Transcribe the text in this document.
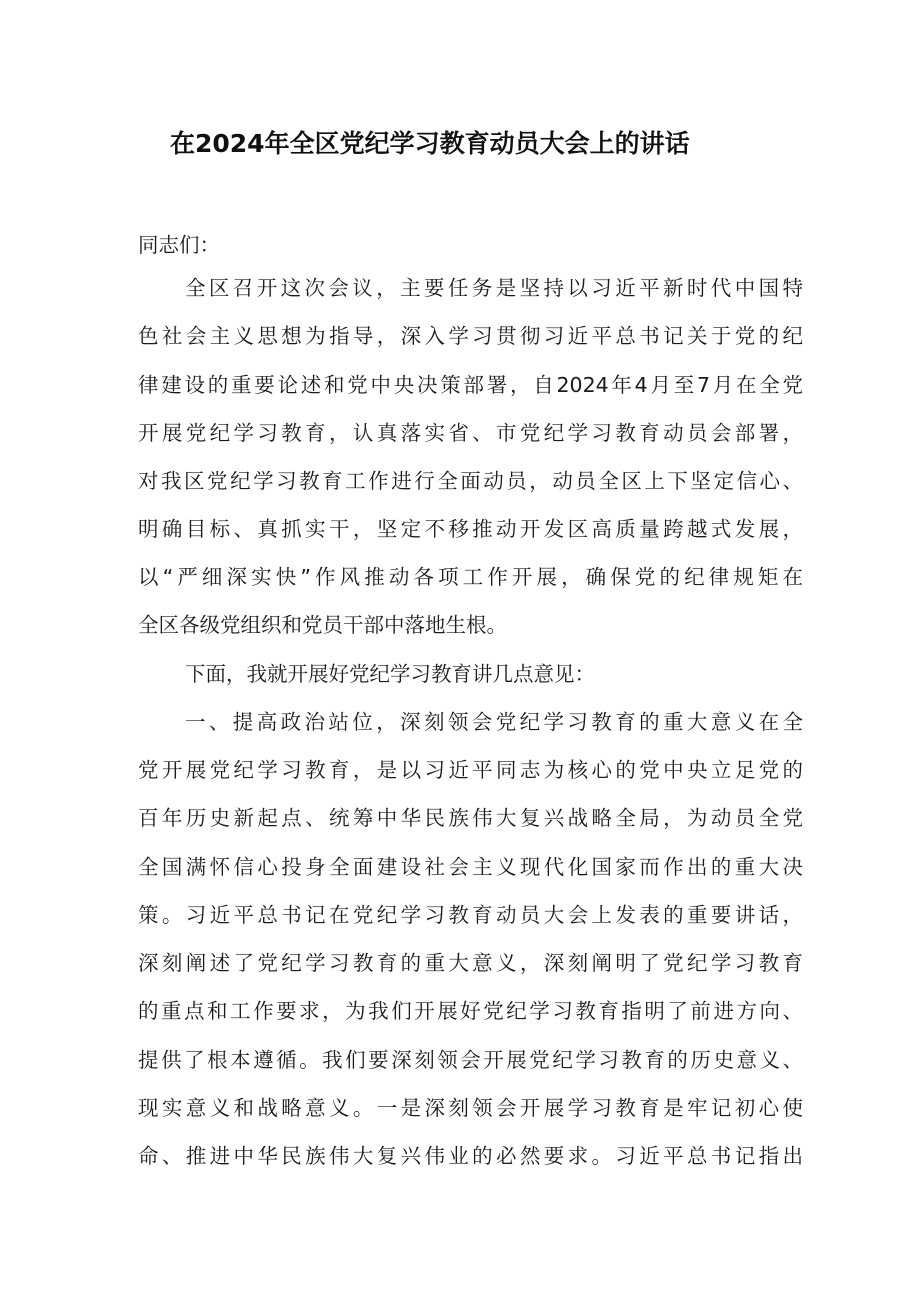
在2024年全区党纪学习教育动员大会上的讲话
同志们：
全区召开这次会议，主要任务是坚持以习近平新时代中国特
色社会主义思想为指导，深入学习贯彻习近平总书记关于党的纪
律建设的重要论述和党中央决策部署，自2024年4月至7月在全党
开展党纪学习教育，认真落实省、市党纪学习教育动员会部署，
对我区党纪学习教育工作进行全面动员，动员全区上下坚定信心、
明确目标、真抓实干，坚定不移推动开发区高质量跨越式发展，
以“严细深实快”作风推动各项工作开展，确保党的纪律规矩在
全区各级党组织和党员干部中落地生根。
下面，我就开展好党纪学习教育讲几点意见：
一、提高政治站位，深刻领会党纪学习教育的重大意义在全
党开展党纪学习教育，是以习近平同志为核心的党中央立足党的
百年历史新起点、统筹中华民族伟大复兴战略全局，为动员全党
全国满怀信心投身全面建设社会主义现代化国家而作出的重大决
策。习近平总书记在党纪学习教育动员大会上发表的重要讲话，
深刻阐述了党纪学习教育的重大意义，深刻阐明了党纪学习教育
的重点和工作要求，为我们开展好党纪学习教育指明了前进方向、
提供了根本遵循。我们要深刻领会开展党纪学习教育的历史意义、
现实意义和战略意义。一是深刻领会开展学习教育是牢记初心使
命、推进中华民族伟大复兴伟业的必然要求。习近平总书记指出
